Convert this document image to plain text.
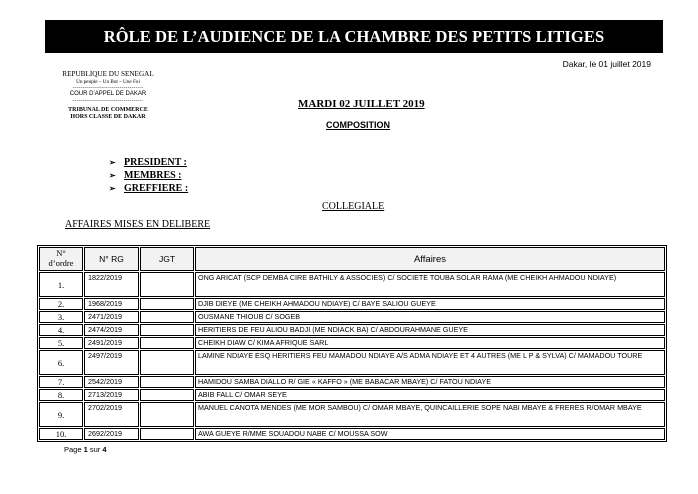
RÔLE DE L’AUDIENCE DE LA CHAMBRE DES PETITS LITIGES
Dakar, le 01 juillet 2019
REPUBLIQUE DU SENEGAL
Un peuple – Un But – Une Foi
------------------------------------
COUR D’APPEL DE DAKAR
------------------------------------
TRIBUNAL DE COMMERCE
HORS CLASSE DE DAKAR
MARDI 02 JUILLET 2019
COMPOSITION
➢ PRESIDENT :
➢ MEMBRES :
➢ GREFFIERE :
COLLEGIALE
AFFAIRES MISES EN DELIBERE
N°
d’ordre	N° RG	JGT	Affaires
1.	1822/2019		ONG ARICAT (SCP DEMBA CIRE BATHILY & ASSOCIES) C/ SOCIETE TOUBA SOLAR RAMA (ME CHEIKH AHMADOU NDIAYE)
2.	1968/2019		DJIB DIEYE (ME CHEIKH AHMADOU NDIAYE) C/ BAYE SALIOU GUEYE
3.	2471/2019		OUSMANE THIOUB C/ SOGEB
4.	2474/2019		HERITIERS DE FEU ALIOU BADJI (ME NDIACK BA) C/ ABDOURAHMANE GUEYE
5.	2491/2019		CHEIKH DIAW C/ KIMA AFRIQUE SARL
6.	2497/2019		LAMINE NDIAYE ESQ HERITIERS FEU MAMADOU NDIAYE A/S ADMA NDIAYE ET 4 AUTRES (ME L P & SYLVA) C/ MAMADOU TOURE
7.	2542/2019		HAMIDOU SAMBA DIALLO R/ GIE « KAFFO » (ME BABACAR MBAYE) C/ FATOU NDIAYE
8.	2713/2019		ABIB FALL C/ OMAR SEYE
9.	2702/2019		MANUEL CANOTA MENDES (ME MOR SAMBOU) C/ OMAR MBAYE, QUINCAILLERIE SOPE NABI MBAYE & FRERES R/OMAR MBAYE
10.	2692/2019		AWA GUEYE R/MME SOUADOU NABE C/ MOUSSA SOW
Page 1 sur 4
